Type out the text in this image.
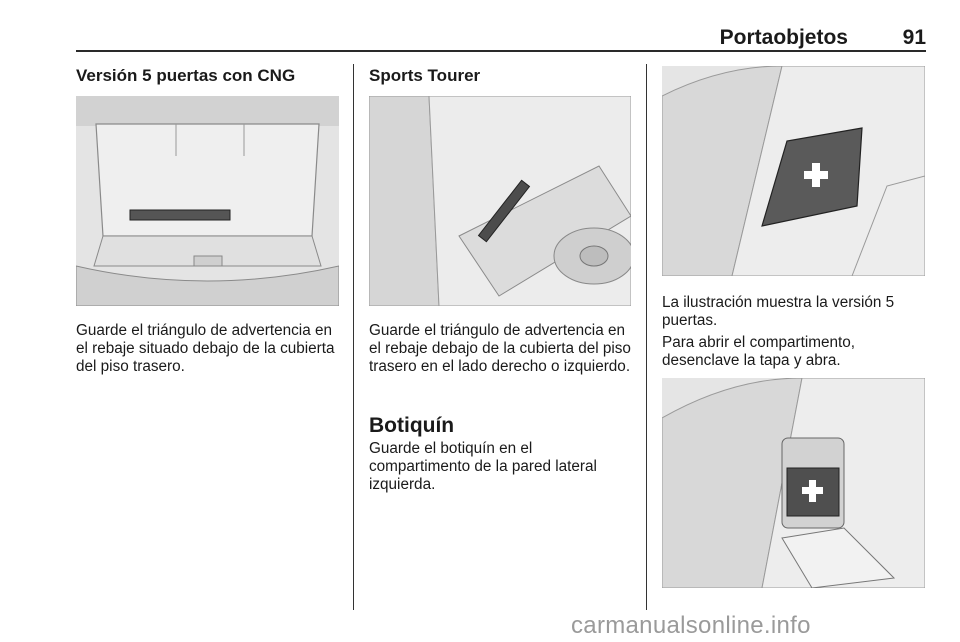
Portaobjetos	91
Versión 5 puertas con CNG
Guarde el triángulo de advertencia en el rebaje situado debajo de la cubierta del piso trasero.
Sports Tourer
Guarde el triángulo de advertencia en el rebaje debajo de la cubierta del piso trasero en el lado derecho o izquierdo.
Botiquín
Guarde el botiquín en el compartimento de la pared lateral izquierda.
La ilustración muestra la versión 5 puertas.
Para abrir el compartimento, desenclave la tapa y abra.
carmanualsonline.info
